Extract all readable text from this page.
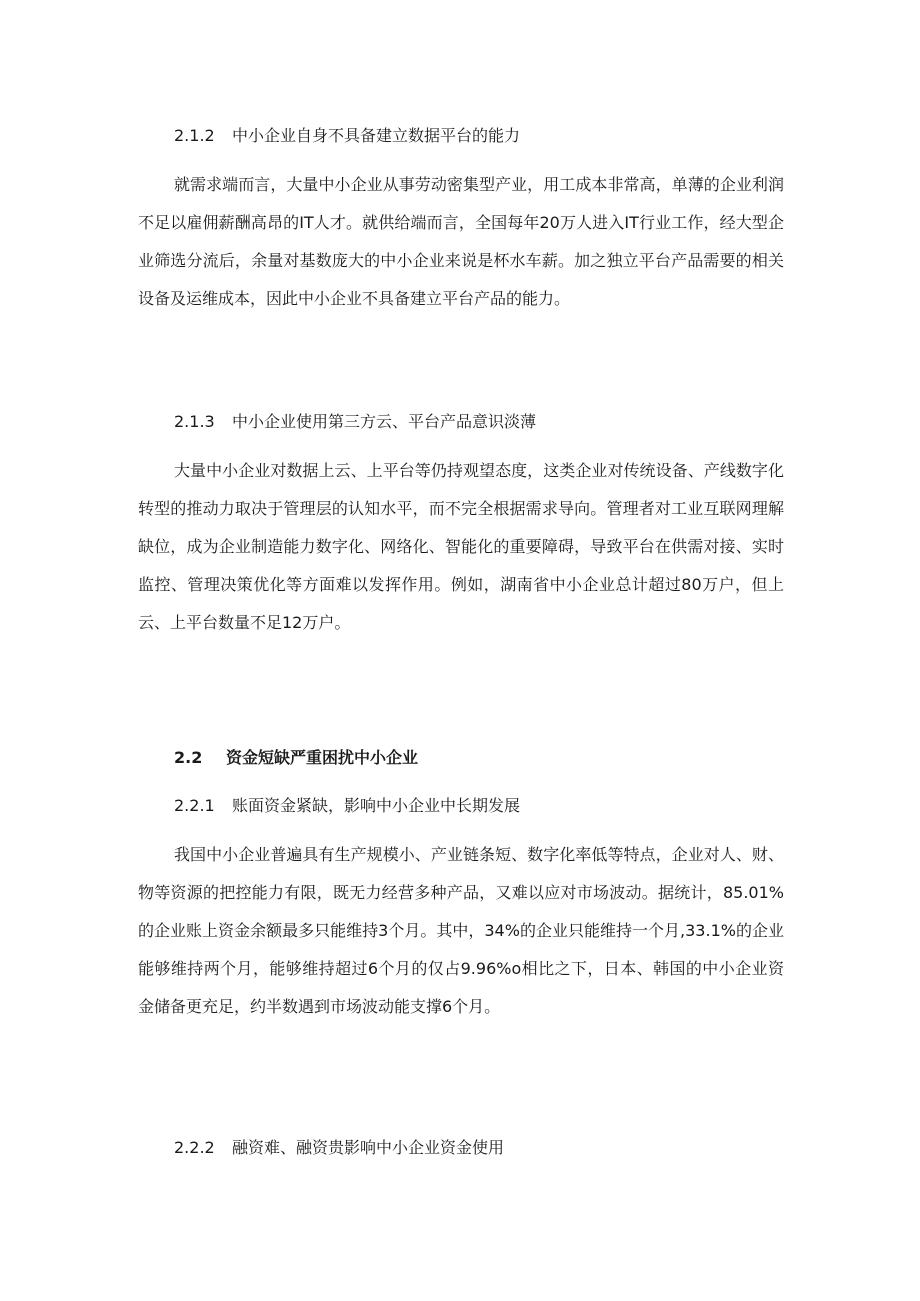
2.1.2 中小企业自身不具备建立数据平台的能力

就需求端而言，大量中小企业从事劳动密集型产业，用工成本非常高，单薄的企业利润不足以雇佣薪酬高昂的IT人才。就供给端而言，全国每年20万人进入IT行业工作，经大型企业筛选分流后，余量对基数庞大的中小企业来说是杯水车薪。加之独立平台产品需要的相关设备及运维成本，因此中小企业不具备建立平台产品的能力。

2.1.3 中小企业使用第三方云、平台产品意识淡薄

大量中小企业对数据上云、上平台等仍持观望态度，这类企业对传统设备、产线数字化转型的推动力取决于管理层的认知水平，而不完全根据需求导向。管理者对工业互联网理解缺位，成为企业制造能力数字化、网络化、智能化的重要障碍，导致平台在供需对接、实时监控、管理决策优化等方面难以发挥作用。例如，湖南省中小企业总计超过80万户，但上云、上平台数量不足12万户。

2.2 资金短缺严重困扰中小企业
2.2.1 账面资金紧缺，影响中小企业中长期发展

我国中小企业普遍具有生产规模小、产业链条短、数字化率低等特点，企业对人、财、物等资源的把控能力有限，既无力经营多种产品，又难以应对市场波动。据统计，85.01%的企业账上资金余额最多只能维持3个月。其中，34%的企业只能维持一个月,33.1%的企业能够维持两个月，能够维持超过6个月的仅占9.96%o相比之下，日本、韩国的中小企业资金储备更充足，约半数遇到市场波动能支撑6个月。

2.2.2 融资难、融资贵影响中小企业资金使用
